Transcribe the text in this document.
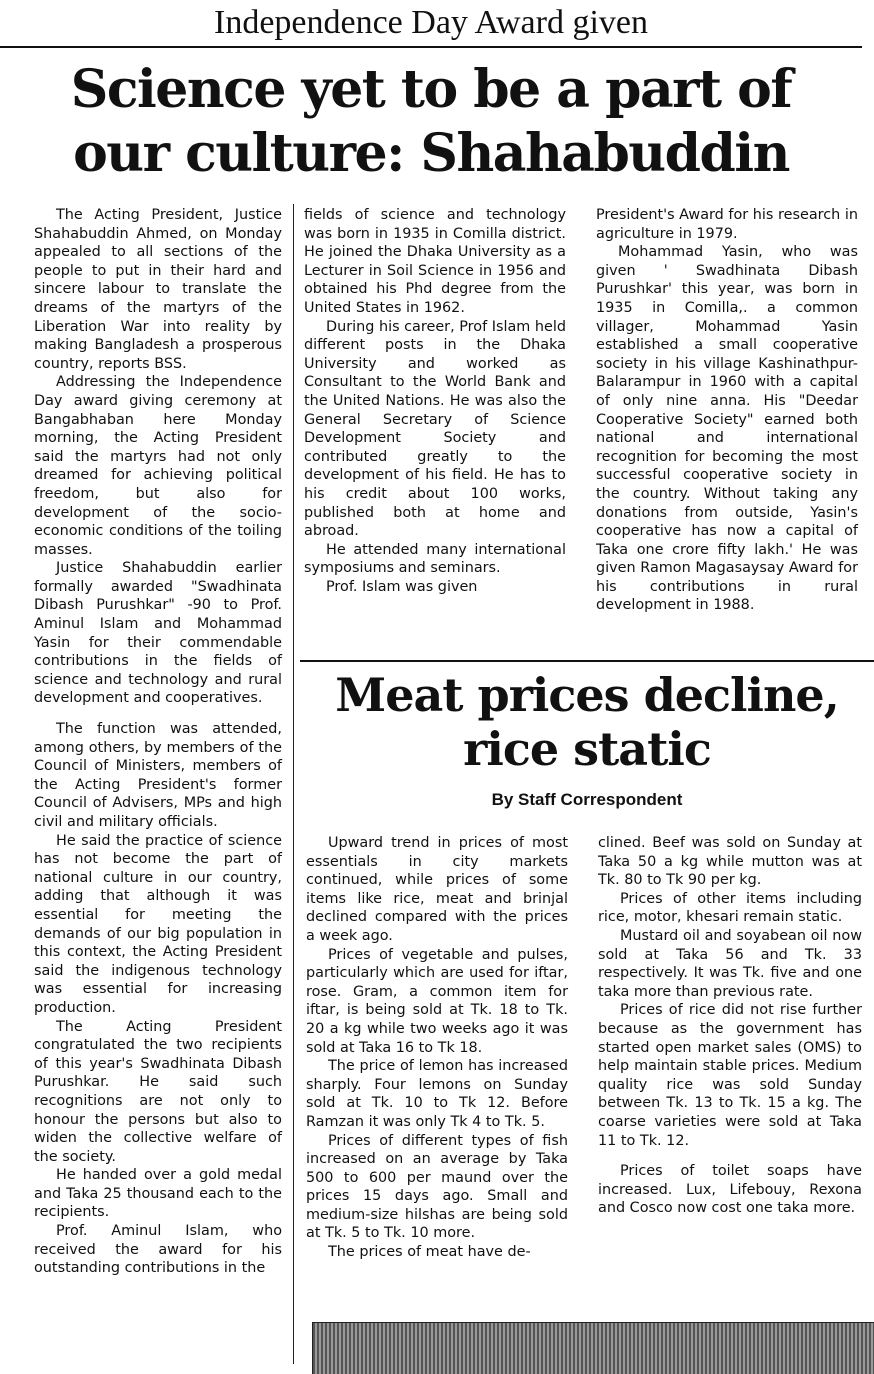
Independence Day Award given
Science yet to be a part of
our culture: Shahabuddin

The Acting President, Justice Shahabuddin Ahmed, on Monday appealed to all sections of the people to put in their hard and sincere labour to translate the dreams of the martyrs of the Liberation War into reality by making Bangladesh a prosperous country, reports BSS.

Addressing the Independence Day award giving ceremony at Bangabhaban here Monday morning, the Acting President said the martyrs had not only dreamed for achieving political freedom, but also for development of the socio-economic conditions of the toiling masses.

Justice Shahabuddin earlier formally awarded "Swadhinata Dibash Purushkar" -90 to Prof. Aminul Islam and Mohammad Yasin for their commendable contributions in the fields of science and technology and rural development and cooperatives.

The function was attended, among others, by members of the Council of Ministers, members of the Acting President's former Council of Advisers, MPs and high civil and military officials.

He said the practice of science has not become the part of national culture in our country, adding that although it was essential for meeting the demands of our big population in this context, the Acting President said the indigenous technology was essential for increasing production.

The Acting President congratulated the two recipients of this year's Swadhinata Dibash Purushkar. He said such recognitions are not only to honour the persons but also to widen the collective welfare of the society.

He handed over a gold medal and Taka 25 thousand each to the recipients.

Prof. Aminul Islam, who received the award for his outstanding contributions in the

fields of science and technology was born in 1935 in Comilla district. He joined the Dhaka University as a Lecturer in Soil Science in 1956 and obtained his Phd degree from the United States in 1962.

During his career, Prof Islam held different posts in the Dhaka University and worked as Consultant to the World Bank and the United Nations. He was also the General Secretary of Science Development Society and contributed greatly to the development of his field. He has to his credit about 100 works, published both at home and abroad.

He attended many international symposiums and seminars.

Prof. Islam was given

President's Award for his research in agriculture in 1979.

Mohammad Yasin, who was given ' Swadhinata Dibash Purushkar' this year, was born in 1935 in Comilla,. a common villager, Mohammad Yasin established a small cooperative society in his village Kashinathpur-Balarampur in 1960 with a capital of only nine anna. His "Deedar Cooperative Society" earned both national and international recognition for becoming the most successful cooperative society in the country. Without taking any donations from outside, Yasin's cooperative has now a capital of Taka one crore fifty lakh.' He was given Ramon Magasaysay Award for his contributions in rural development in 1988.

Meat prices decline,
rice static
By Staff Correspondent

Upward trend in prices of most essentials in city markets continued, while prices of some items like rice, meat and brinjal declined compared with the prices a week ago.

Prices of vegetable and pulses, particularly which are used for iftar, rose. Gram, a common item for iftar, is being sold at Tk. 18 to Tk. 20 a kg while two weeks ago it was sold at Taka 16 to Tk 18.

The price of lemon has increased sharply. Four lemons on Sunday sold at Tk. 10 to Tk 12. Before Ramzan it was only Tk 4 to Tk. 5.

Prices of different types of fish increased on an average by Taka 500 to 600 per maund over the prices 15 days ago. Small and medium-size hilshas are being sold at Tk. 5 to Tk. 10 more.

The prices of meat have de-

clined. Beef was sold on Sunday at Taka 50 a kg while mutton was at Tk. 80 to Tk 90 per kg.

Prices of other items including rice, motor, khesari remain static.

Mustard oil and soyabean oil now sold at Taka 56 and Tk. 33 respectively. It was Tk. five and one taka more than previous rate.

Prices of rice did not rise further because as the government has started open market sales (OMS) to help maintain stable prices. Medium quality rice was sold Sunday between Tk. 13 to Tk. 15 a kg. The coarse varieties were sold at Taka 11 to Tk. 12.

Prices of toilet soaps have increased. Lux, Lifebouy, Rexona and Cosco now cost one taka more.
